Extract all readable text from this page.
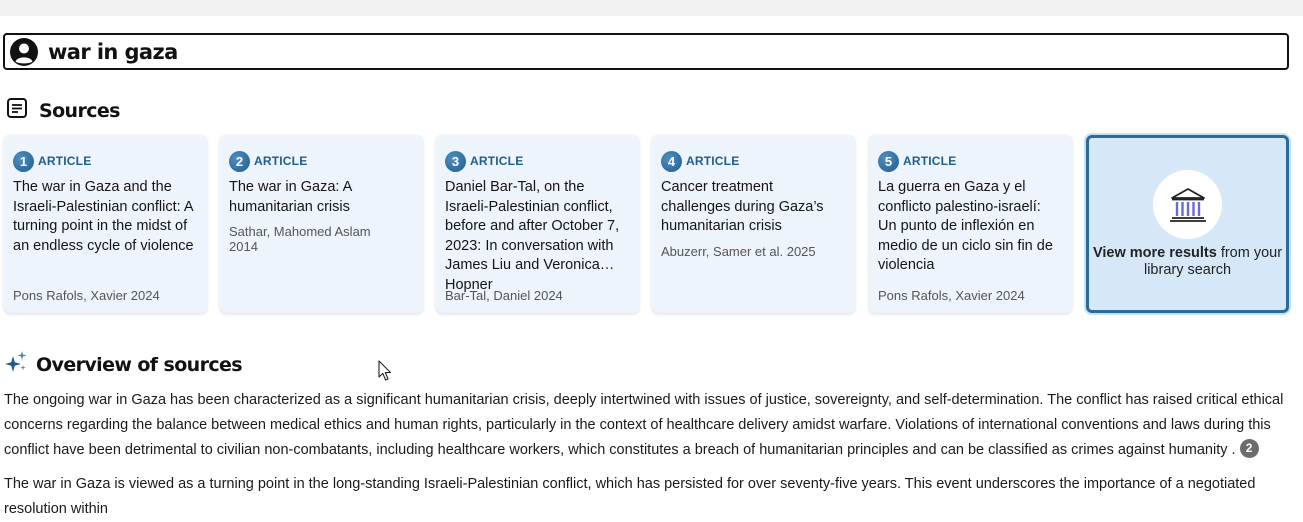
war in gaza
Sources
1 ARTICLE
The war in Gaza and the Israeli-Palestinian conflict: A turning point in the midst of an endless cycle of violence
Pons Rafols, Xavier 2024
2 ARTICLE
The war in Gaza: A humanitarian crisis
Sathar, Mahomed Aslam 2014
3 ARTICLE
Daniel Bar-Tal, on the Israeli-Palestinian conflict, before and after October 7, 2023: In conversation with James Liu and Veronica Hopner
Bar-Tal, Daniel 2024
4 ARTICLE
Cancer treatment challenges during Gaza’s humanitarian crisis
Abuzerr, Samer et al. 2025
5 ARTICLE
La guerra en Gaza y el conflicto palestino-israelí: Un punto de inflexión en medio de un ciclo sin fin de violencia
Pons Rafols, Xavier 2024
View more results from your library search
Overview of sources

The ongoing war in Gaza has been characterized as a significant humanitarian crisis, deeply intertwined with issues of justice, sovereignty, and self-determination. The conflict has raised critical ethical concerns regarding the balance between medical ethics and human rights, particularly in the context of healthcare delivery amidst warfare. Violations of international conventions and laws during this conflict have been detrimental to civilian non-combatants, including healthcare workers, which constitutes a breach of humanitarian principles and can be classified as crimes against humanity . 2

The war in Gaza is viewed as a turning point in the long-standing Israeli-Palestinian conflict, which has persisted for over seventy-five years. This event underscores the importance of a negotiated resolution within
